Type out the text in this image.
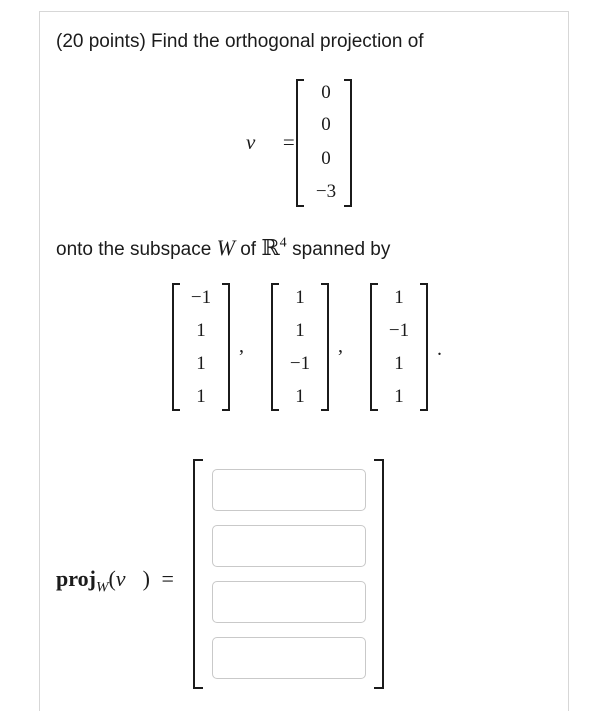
(20 points) Find the orthogonal projection of
v⃗ =
0
0
0
−3
onto the subspace W of ℝ$^4$ spanned by
−1
1
1
1
,
1
1
−1
1
,
1
−1
1
1
.
proj$_W$(v⃗) =
